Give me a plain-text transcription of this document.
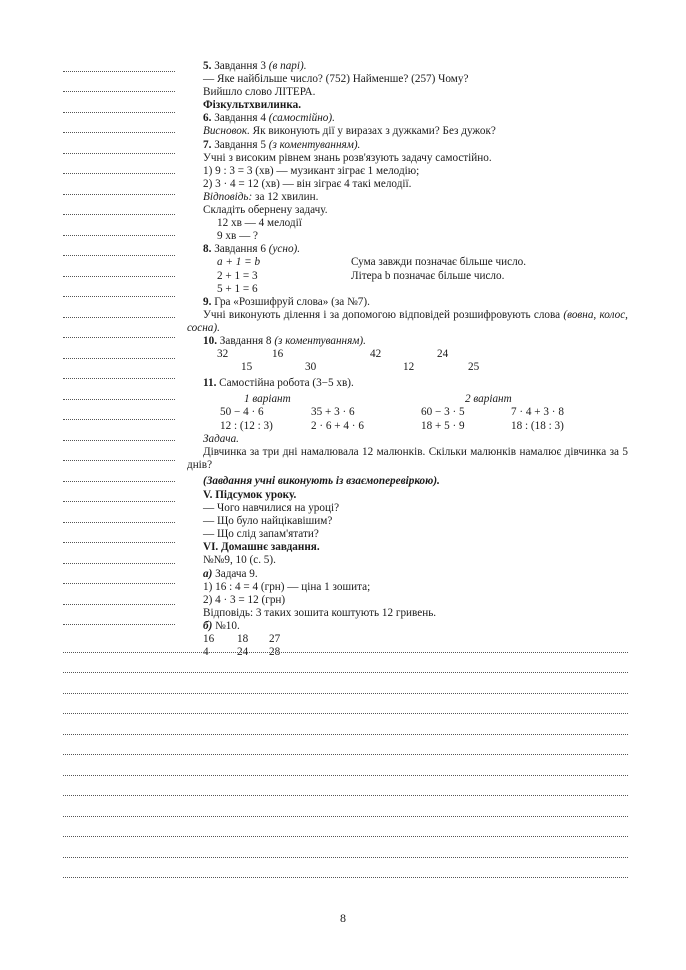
5. Завдання 3 (в парі).
— Яке найбільше число? (752) Найменше? (257) Чому?
Вийшло слово ЛІТЕРА.
Фізкультхвилинка.
6. Завдання 4 (самостійно).
Висновок. Як виконують дії у виразах з дужками? Без дужок?
7. Завдання 5 (з коментуванням).
Учні з високим рівнем знань розв'язують задачу самостійно.
1) 9 : 3 = 3 (хв) — музикант зіграє 1 мелодію;
2) 3 · 4 = 12 (хв) — він зіграє 4 такі мелодії.
Відповідь: за 12 хвилин.
Складіть обернену задачу.
12 хв — 4 мелодії
9 хв — ?
8. Завдання 6 (усно).
a + 1 = b	Сума завжди позначає більше число.
2 + 1 = 3	Літера b позначає більше число.
5 + 1 = 6
9. Гра «Розшифруй слова» (за №7).
Учні виконують ділення і за допомогою відповідей розшифровують слова (вовна, колос, сосна).
10. Завдання 8 (з коментуванням).
32	16	42	24
15	30	12	25
11. Самостійна робота (3−5 хв).
1 варіант	2 варіант
50 − 4 · 6	35 + 3 · 6	60 − 3 · 5	7 · 4 + 3 · 8
12 : (12 : 3)	2 · 6 + 4 · 6	18 + 5 · 9	18 : (18 : 3)
Задача.
Дівчинка за три дні намалювала 12 малюнків. Скільки малюнків намалює дівчинка за 5 днів?
(Завдання учні виконують із взаємоперевіркою).
V. Підсумок уроку.
— Чого навчилися на уроці?
— Що було найцікавішим?
— Що слід запам'ятати?
VI. Домашнє завдання.
№№9, 10 (с. 5).
а) Задача 9.
1) 16 : 4 = 4 (грн) — ціна 1 зошита;
2) 4 · 3 = 12 (грн)
Відповідь: 3 таких зошита коштують 12 гривень.
б) №10.
16 18 27
4	24 28
8
